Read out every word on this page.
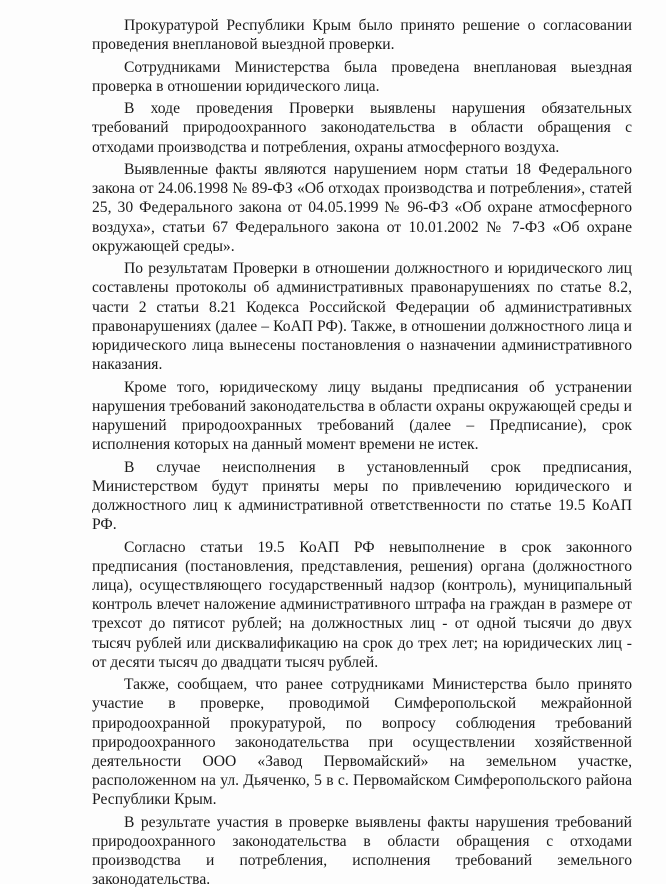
Прокуратурой Республики Крым было принято решение о согласовании проведения внеплановой выездной проверки.

Сотрудниками Министерства была проведена внеплановая выездная проверка в отношении юридического лица.

В ходе проведения Проверки выявлены нарушения обязательных требований природоохранного законодательства в области обращения с отходами производства и потребления, охраны атмосферного воздуха.

Выявленные факты являются нарушением норм статьи 18 Федерального закона от 24.06.1998 № 89-ФЗ «Об отходах производства и потребления», статей 25, 30 Федерального закона от 04.05.1999 № 96-ФЗ «Об охране атмосферного воздуха», статьи 67 Федерального закона от 10.01.2002 № 7-ФЗ «Об охране окружающей среды».

По результатам Проверки в отношении должностного и юридического лиц составлены протоколы об административных правонарушениях по статье 8.2, части 2 статьи 8.21 Кодекса Российской Федерации об административных правонарушениях (далее – КоАП РФ). Также, в отношении должностного лица и юридического лица вынесены постановления о назначении административного наказания.

Кроме того, юридическому лицу выданы предписания об устранении нарушения требований законодательства в области охраны окружающей среды и нарушений природоохранных требований (далее – Предписание), срок исполнения которых на данный момент времени не истек.

В случае неисполнения в установленный срок предписания, Министерством будут приняты меры по привлечению юридического и должностного лиц к административной ответственности по статье 19.5 КоАП РФ.

Согласно статьи 19.5 КоАП РФ невыполнение в срок законного предписания (постановления, представления, решения) органа (должностного лица), осуществляющего государственный надзор (контроль), муниципальный контроль влечет наложение административного штрафа на граждан в размере от трехсот до пятисот рублей; на должностных лиц - от одной тысячи до двух тысяч рублей или дисквалификацию на срок до трех лет; на юридических лиц - от десяти тысяч до двадцати тысяч рублей.

Также, сообщаем, что ранее сотрудниками Министерства было принято участие в проверке, проводимой Симферопольской межрайонной природоохранной прокуратурой, по вопросу соблюдения требований природоохранного законодательства при осуществлении хозяйственной деятельности ООО «Завод Первомайский» на земельном участке, расположенном на ул. Дьяченко, 5 в с. Первомайском Симферопольского района Республики Крым.

В результате участия в проверке выявлены факты нарушения требований природоохранного законодательства в области обращения с отходами производства и потребления, исполнения требований земельного законодательства.
